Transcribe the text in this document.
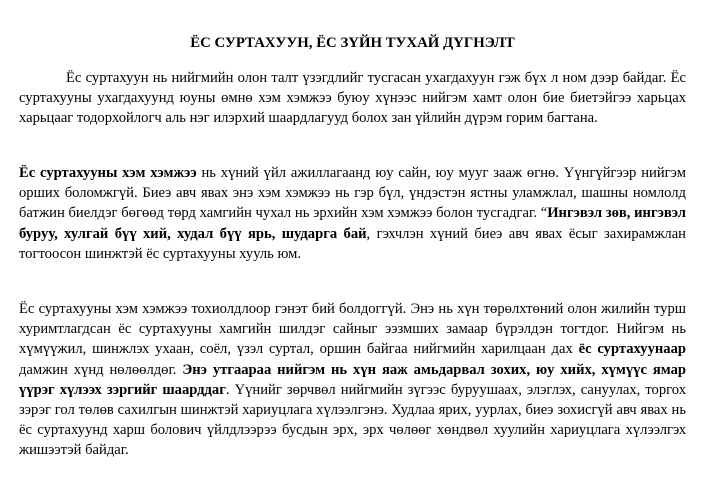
ЁС СУРТАХУУН, ЁС ЗҮЙН ТУХАЙ ДҮГНЭЛТ

Ёс суртахуун нь нийгмийн олон талт үзэгдлийг тусгасан ухагдахуун гэж бүх л ном дээр байдаг. Ёс суртахууны ухагдахуунд юуны өмнө хэм хэмжээ буюу хүнээс нийгэм хамт олон бие биетэйгээ харьцах харьцааг тодорхойлогч аль нэг илэрхий шаардлагууд болох зан үйлийн дүрэм горим багтана.

Ёс суртахууны хэм хэмжээ нь хүний үйл ажиллагаанд юу сайн, юу мууг зааж өгнө. Үүнгүйгээр нийгэм орших боломжгүй. Биеэ авч явах энэ хэм хэмжээ нь гэр бүл, үндэстэн ястны уламжлал, шашны номлолд батжин биелдэг бөгөөд төрд хамгийн чухал нь эрхийн хэм хэмжээ болон тусгадгаг. “Ингэвэл зөв, ингэвэл буруу, хулгай бүү хий, худал бүү ярь, шударга бай, гэхчлэн хүний биеэ авч явах ёсыг захирамжлан тогтоосон шинжтэй ёс суртахууны хууль юм.

Ёс суртахууны хэм хэмжээ тохиолдлоор гэнэт бий болдоггүй. Энэ нь хүн төрөлхтөний олон жилийн турш хуримтлагдсан ёс суртахууны хамгийн шилдэг сайныг ээзмших замаар бүрэлдэн тогтдог. Нийгэм нь хүмүүжил, шинжлэх ухаан, соёл, үзэл суртал, оршин байгаа нийгмийн харилцаан дах ёс суртахуунаар дамжин хүнд нөлөөлдөг. Энэ утгаараа нийгэм нь хүн яаж амьдарвал зохих, юу хийх, хүмүүс ямар үүрэг хүлээх зэргийг шаарддаг. Үүнийг зөрчвөл нийгмийн зүгээс буруушаах, элэглэх, сануулах, торгох зэрэг гол төлөв сахилгын шинжтэй хариуцлага хүлээлгэнэ. Худлаа ярих, уурлах, биеэ зохисгүй авч явах нь ёс суртахуунд харш болович үйлдлээрээ бусдын эрх, эрх чөлөөг хөндвөл хуулийн хариуцлага хүлээлгэх жишээтэй байдаг.
